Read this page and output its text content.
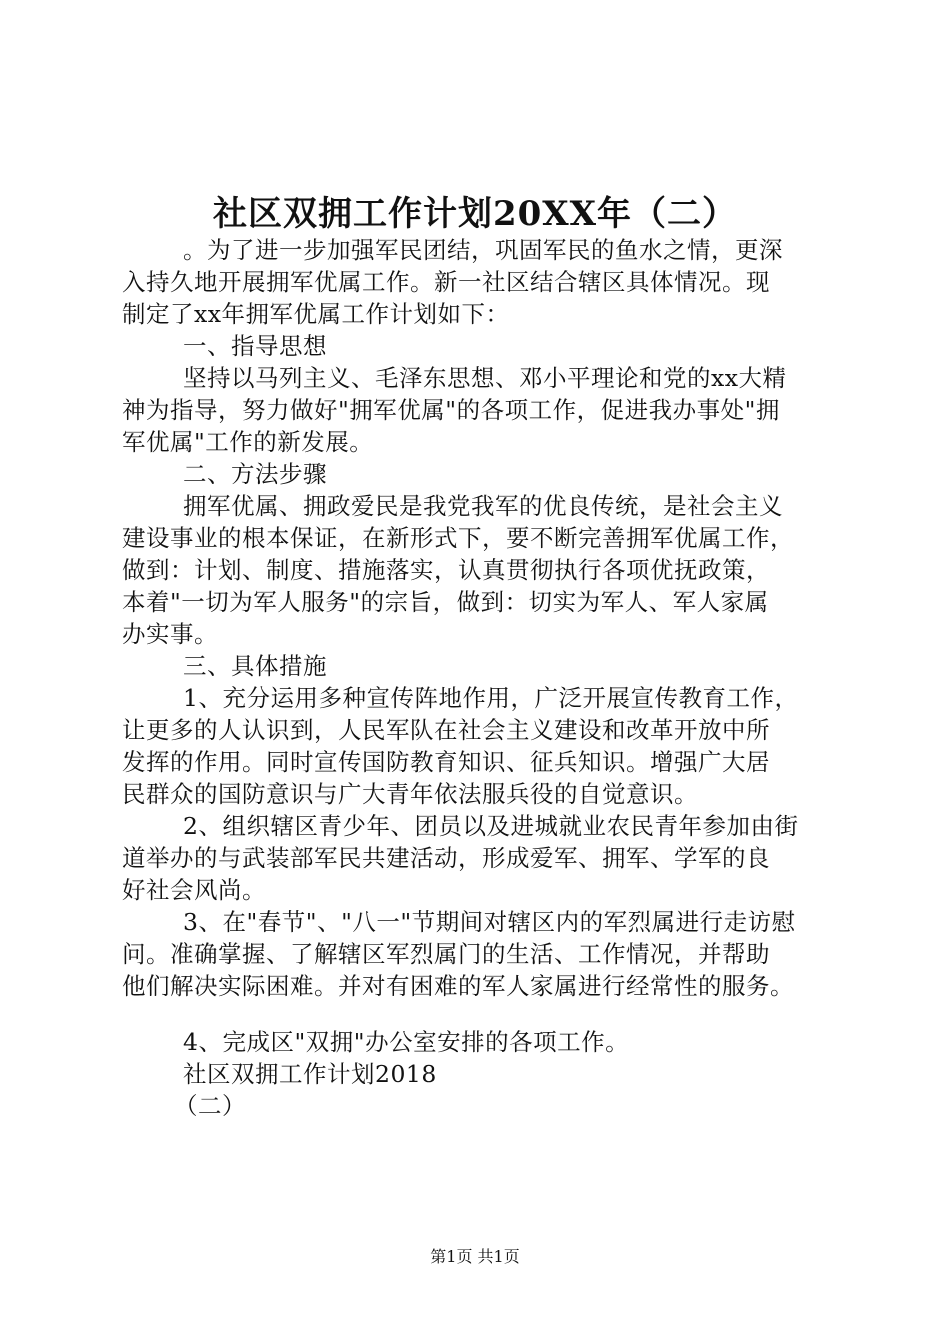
社区双拥工作计划20XX年（二）
。为了进一步加强军民团结，巩固军民的鱼水之情，更深
入持久地开展拥军优属工作。新一社区结合辖区具体情况。现
制定了xx年拥军优属工作计划如下：
一、指导思想
坚持以马列主义、毛泽东思想、邓小平理论和党的xx大精
神为指导，努力做好"拥军优属"的各项工作，促进我办事处"拥
军优属"工作的新发展。
二、方法步骤
拥军优属、拥政爱民是我党我军的优良传统，是社会主义
建设事业的根本保证，在新形式下，要不断完善拥军优属工作，
做到：计划、制度、措施落实，认真贯彻执行各项优抚政策，
本着"一切为军人服务"的宗旨，做到：切实为军人、军人家属
办实事。
三、具体措施
1、充分运用多种宣传阵地作用，广泛开展宣传教育工作，
让更多的人认识到，人民军队在社会主义建设和改革开放中所
发挥的作用。同时宣传国防教育知识、征兵知识。增强广大居
民群众的国防意识与广大青年依法服兵役的自觉意识。
2、组织辖区青少年、团员以及进城就业农民青年参加由街
道举办的与武装部军民共建活动，形成爱军、拥军、学军的良
好社会风尚。
3、在"春节"、"八一"节期间对辖区内的军烈属进行走访慰
问。准确掌握、了解辖区军烈属门的生活、工作情况，并帮助
他们解决实际困难。并对有困难的军人家属进行经常性的服务。
4、完成区"双拥"办公室安排的各项工作。
社区双拥工作计划2018
（二）
第1页 共1页
